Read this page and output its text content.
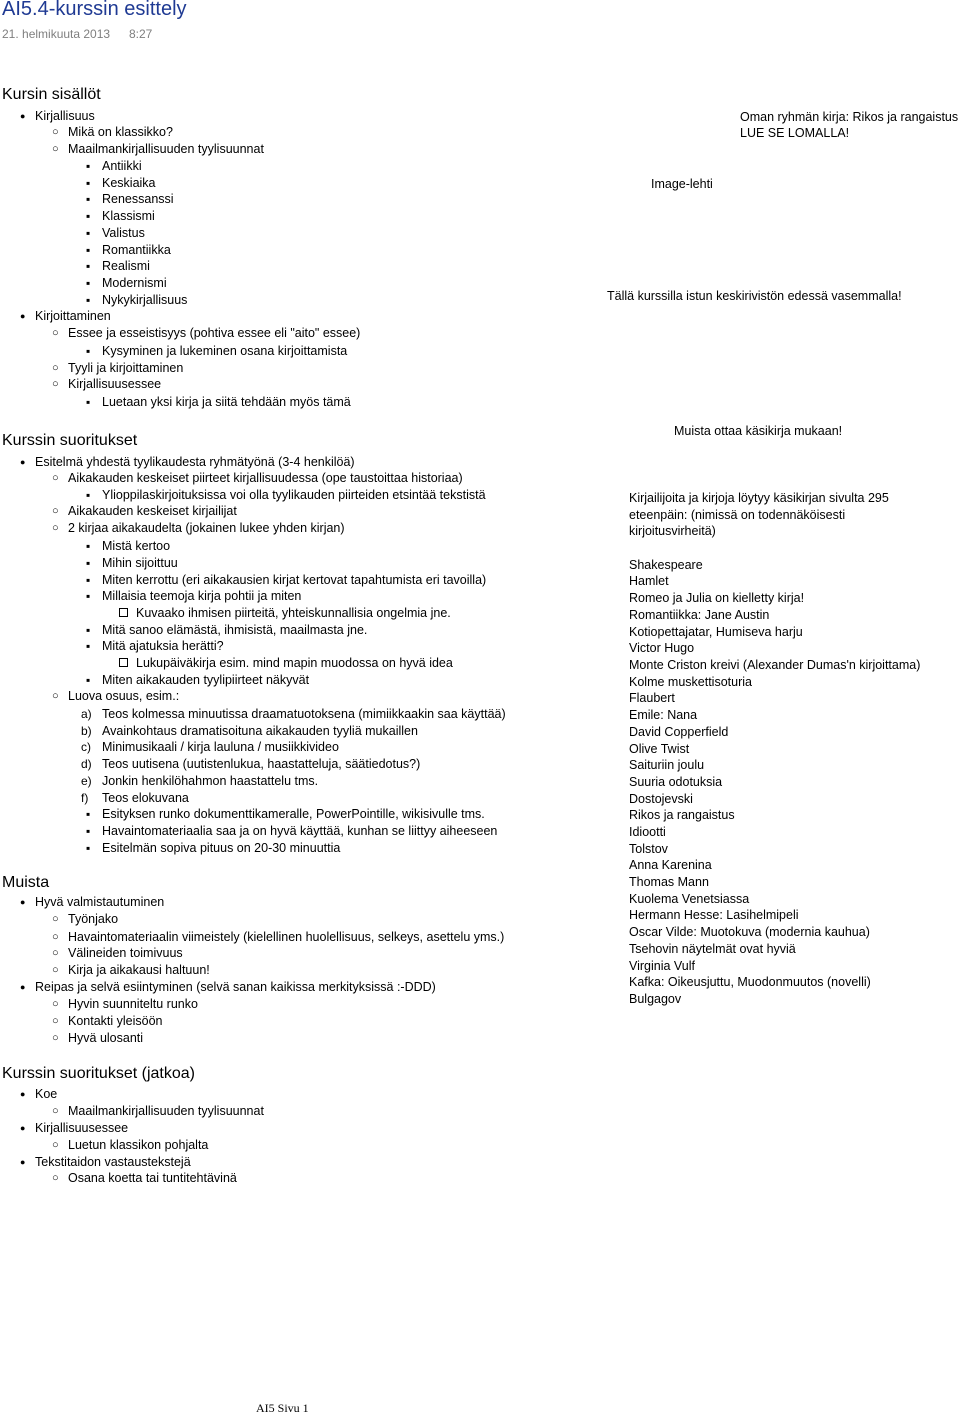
AI5.4-kurssin esittely
21. helmikuuta 2013 8:27
Kursin sisällöt
● Kirjallisuus
○ Mikä on klassikko?
○ Maailmankirjallisuuden tyylisuunnat
▪ Antiikki
▪ Keskiaika
▪ Renessanssi
▪ Klassismi
▪ Valistus
▪ Romantiikka
▪ Realismi
▪ Modernismi
▪ Nykykirjallisuus
● Kirjoittaminen
○ Essee ja esseistisyys (pohtiva essee eli "aito" essee)
▪ Kysyminen ja lukeminen osana kirjoittamista
○ Tyyli ja kirjoittaminen
○ Kirjallisuusessee
▪ Luetaan yksi kirja ja siitä tehdään myös tämä
Kurssin suoritukset
● Esitelmä yhdestä tyylikaudesta ryhmätyönä (3-4 henkilöä)
○ Aikakauden keskeiset piirteet kirjallisuudessa (ope taustoittaa historiaa)
▪ Ylioppilaskirjoituksissa voi olla tyylikauden piirteiden etsintää tekstistä
○ Aikakauden keskeiset kirjailijat
○ 2 kirjaa aikakaudelta (jokainen lukee yhden kirjan)
▪ Mistä kertoo
▪ Mihin sijoittuu
▪ Miten kerrottu (eri aikakausien kirjat kertovat tapahtumista eri tavoilla)
▪ Millaisia teemoja kirja pohtii ja miten
Kuvaako ihmisen piirteitä, yhteiskunnallisia ongelmia jne.
▪ Mitä sanoo elämästä, ihmisistä, maailmasta jne.
▪ Mitä ajatuksia herätti?
Lukupäiväkirja esim. mind mapin muodossa on hyvä idea
▪ Miten aikakauden tyylipiirteet näkyvät
○ Luova osuus, esim.:
a) Teos kolmessa minuutissa draamatuotoksena (mimiikkaakin saa käyttää)
b) Avainkohtaus dramatisoituna aikakauden tyyliä mukaillen
c) Minimusikaali / kirja lauluna / musiikkivideo
d) Teos uutisena (uutistenlukua, haastatteluja, säätiedotus?)
e) Jonkin henkilöhahmon haastattelu tms.
f) Teos elokuvana
▪ Esityksen runko dokumenttikameralle, PowerPointille, wikisivulle tms.
▪ Havaintomateriaalia saa ja on hyvä käyttää, kunhan se liittyy aiheeseen
▪ Esitelmän sopiva pituus on 20-30 minuuttia
Muista
● Hyvä valmistautuminen
○ Työnjako
○ Havaintomateriaalin viimeistely (kielellinen huolellisuus, selkeys, asettelu yms.)
○ Välineiden toimivuus
○ Kirja ja aikakausi haltuun!
● Reipas ja selvä esiintyminen (selvä sanan kaikissa merkityksissä :-DDD)
○ Hyvin suunniteltu runko
○ Kontakti yleisöön
○ Hyvä ulosanti
Kurssin suoritukset (jatkoa)
● Koe
○ Maailmankirjallisuuden tyylisuunnat
● Kirjallisuusessee
○ Luetun klassikon pohjalta
● Tekstitaidon vastaustekstejä
○ Osana koetta tai tuntitehtävinä
Oman ryhmän kirja: Rikos ja rangaistus
LUE SE LOMALLA!
Image-lehti
Tällä kurssilla istun keskirivistön edessä vasemmalla!
Muista ottaa käsikirja mukaan!
Kirjailijoita ja kirjoja löytyy käsikirjan sivulta 295
eteenpäin: (nimissä on todennäköisesti
kirjoitusvirheitä)
Shakespeare
Hamlet
Romeo ja Julia on kielletty kirja!
Romantiikka: Jane Austin
Kotiopettajatar, Humiseva harju
Victor Hugo
Monte Criston kreivi (Alexander Dumas'n kirjoittama)
Kolme muskettisoturia
Flaubert
Emile: Nana
David Copperfield
Olive Twist
Saituriin joulu
Suuria odotuksia
Dostojevski
Rikos ja rangaistus
Idiootti
Tolstov
Anna Karenina
Thomas Mann
Kuolema Venetsiassa
Hermann Hesse: Lasihelmipeli
Oscar Vilde: Muotokuva (modernia kauhua)
Tsehovin näytelmät ovat hyviä
Virginia Vulf
Kafka: Oikeusjuttu, Muodonmuutos (novelli)
Bulgagov
AI5 Sivu 1
